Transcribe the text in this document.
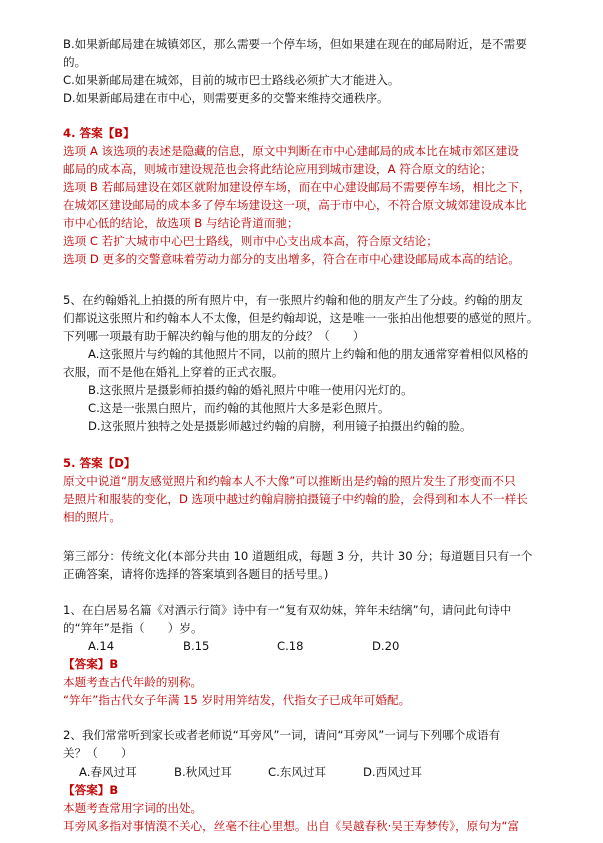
B.如果新邮局建在城镇郊区，那么需要一个停车场，但如果建在现在的邮局附近，是不需要

的。

C.如果新邮局建在城郊，目前的城市巴士路线必须扩大才能进入。

D.如果新邮局建在市中心，则需要更多的交警来维持交通秩序。

4. 答案【B】

选项 A 该选项的表述是隐藏的信息，原文中判断在市中心建邮局的成本比在城市郊区建设

邮局的成本高，则城市建设规范也会将此结论应用到城市建设，A 符合原文的结论；

选项 B 若邮局建设在郊区就附加建设停车场，而在中心建设邮局不需要停车场，相比之下，

在城郊区建设邮局的成本多了停车场建设这一项，高于市中心，不符合原文城郊建设成本比

市中心低的结论，故选项 B 与结论背道而驰；

选项 C 若扩大城市中心巴士路线，则市中心支出成本高，符合原文结论；

选项 D 更多的交警意味着劳动力部分的支出增多，符合在市中心建设邮局成本高的结论。

5、在约翰婚礼上拍摄的所有照片中，有一张照片约翰和他的朋友产生了分歧。约翰的朋友

们都说这张照片和约翰本人不太像，但是约翰却说，这是唯一一张拍出他想要的感觉的照片。

下列哪一项最有助于解决约翰与他的朋友的分歧？（　　）

A.这张照片与约翰的其他照片不同，以前的照片上约翰和他的朋友通常穿着相似风格的

衣服，而不是他在婚礼上穿着的正式衣服。

B.这张照片是摄影师拍摄约翰的婚礼照片中唯一使用闪光灯的。

C.这是一张黑白照片，而约翰的其他照片大多是彩色照片。

D.这张照片独特之处是摄影师越过约翰的肩膀，利用镜子拍摄出约翰的脸。

5. 答案【D】

原文中说道“朋友感觉照片和约翰本人不大像”可以推断出是约翰的照片发生了形变而不只

是照片和服装的变化，D 选项中越过约翰肩膀拍摄镜子中约翰的脸，会得到和本人不一样长

相的照片。

第三部分：传统文化(本部分共由 10 道题组成，每题 3 分，共计 30 分；每道题目只有一个

正确答案，请将你选择的答案填到各题目的括号里。)

1、在白居易名篇《对酒示行简》诗中有一“复有双幼妹，笄年未结缡”句，请问此句诗中

的“笄年”是指（　　）岁。

A.14	B.15	C.18	D.20

【答案】B

本题考查古代年龄的别称。

“笄年”指古代女子年满 15 岁时用笄结发，代指女子已成年可婚配。

2、我们常常听到家长或者老师说“耳旁风”一词，请问“耳旁风”一词与下列哪个成语有

关？（　　）

A.春风过耳	B.秋风过耳	C.东风过耳	D.西风过耳

【答案】B

本题考查常用字词的出处。

耳旁风多指对事情漠不关心，丝毫不往心里想。出自《吴越春秋·吴王寿梦传》，原句为“富
